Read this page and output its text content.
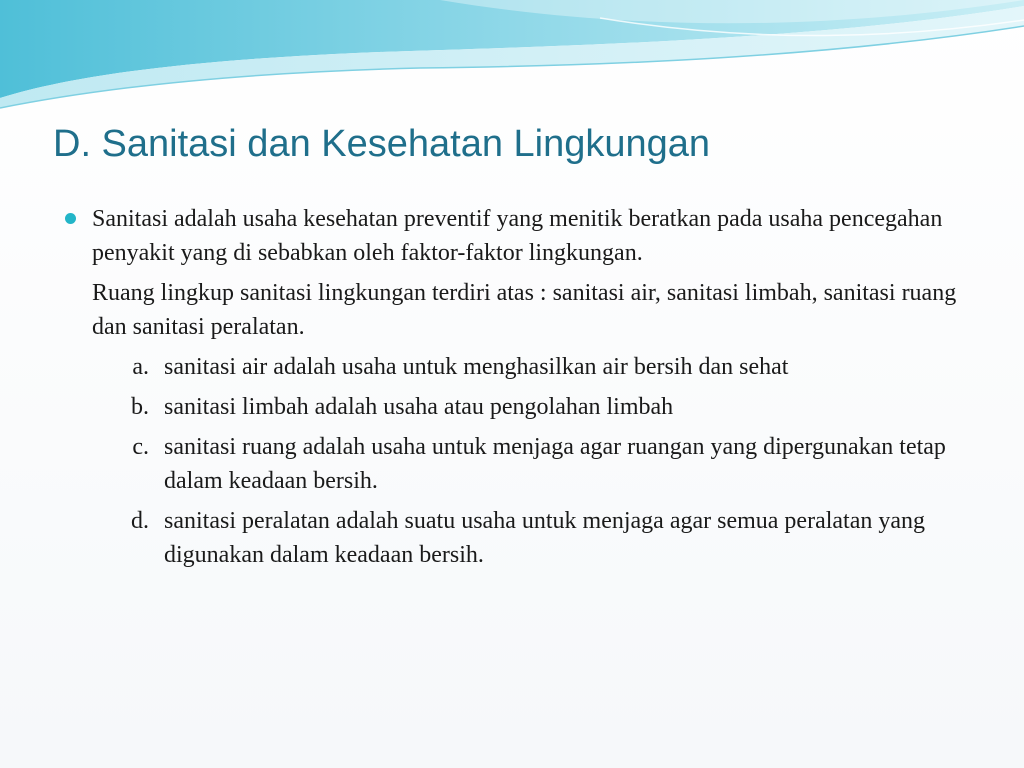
D. Sanitasi dan Kesehatan Lingkungan

Sanitasi adalah usaha kesehatan preventif yang menitik beratkan pada usaha pencegahan penyakit yang di sebabkan oleh faktor-faktor lingkungan.

Ruang lingkup sanitasi lingkungan terdiri atas : sanitasi air, sanitasi limbah, sanitasi ruang dan sanitasi peralatan.

a. sanitasi air adalah usaha untuk menghasilkan air bersih dan sehat
b. sanitasi limbah adalah usaha atau pengolahan limbah
c. sanitasi ruang adalah usaha untuk menjaga agar ruangan yang dipergunakan tetap dalam keadaan bersih.
d. sanitasi peralatan adalah suatu usaha untuk menjaga agar semua peralatan yang digunakan dalam keadaan bersih.
